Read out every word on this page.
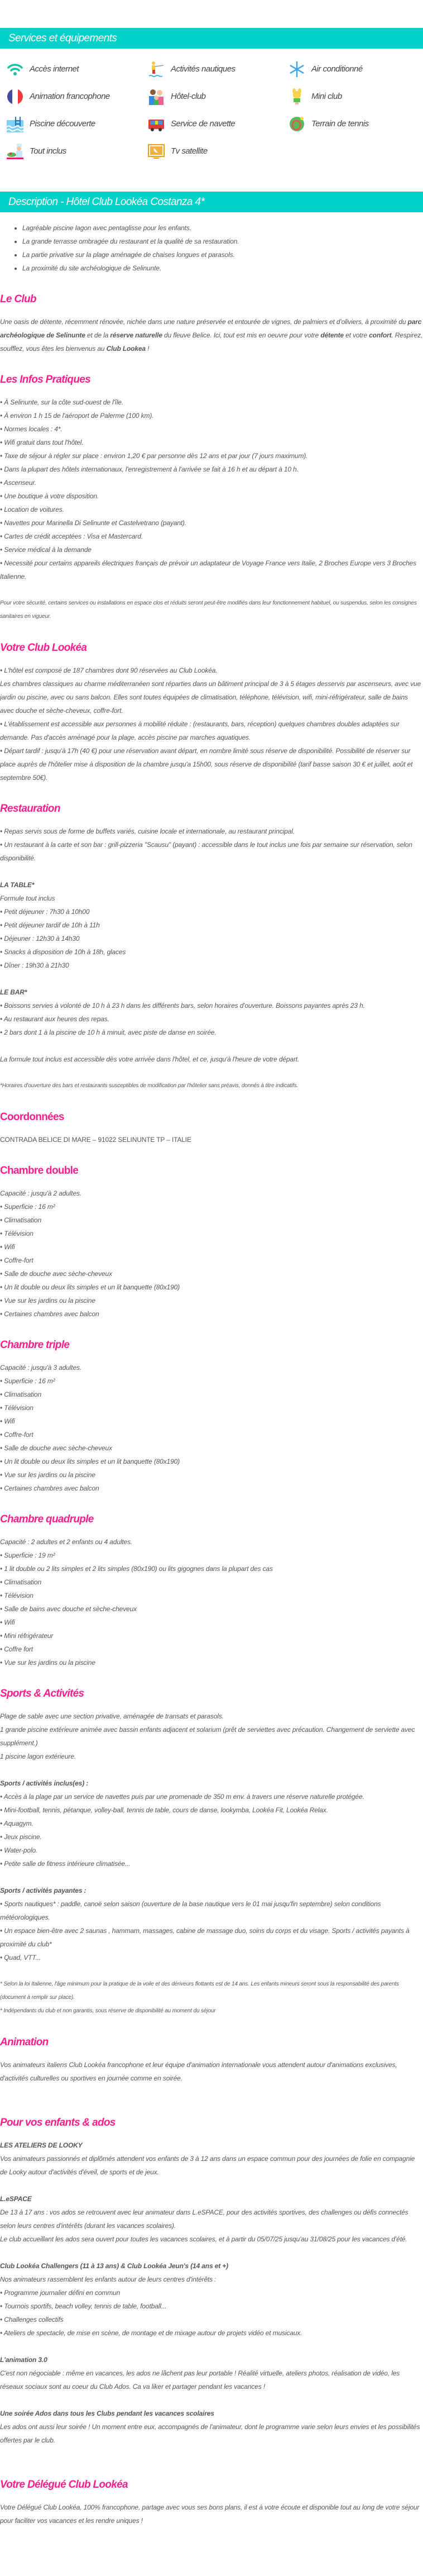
Services et équipements
Accès internet	Activités nautiques	Air conditionné
Animation francophone	Hôtel-club	Mini club
Piscine découverte	Service de navette	Terrain de tennis
Tout inclus	Tv satellite
Description - Hôtel Club Lookéa Costanza 4*
• Lagréable piscine lagon avec pentaglisse pour les enfants.
• La grande terrasse ombragée du restaurant et la qualité de sa restauration.
• La partie privative sur la plage aménagée de chaises longues et parasols.
• La proximité du site archéologique de Selinunte.
Le Club

Une oasis de détente, récemment rénovée, nichée dans une nature préservée et entourée de vignes, de palmiers et d'oliviers, à proximité du parc archéologique de Selinunte et de la réserve naturelle du fleuve Belice. Ici, tout est mis en oeuvre pour votre détente et votre confort. Respirez, soufflez, vous êtes les bienvenus au Club Lookea !

Les Infos Pratiques
• À Selinunte, sur la côte sud-ouest de l'île.
• À environ 1 h 15 de l'aéroport de Palerme (100 km).
• Normes locales : 4*.
• Wifi gratuit dans tout l'hôtel.
• Taxe de séjour à régler sur place : environ 1,20 € par personne dès 12 ans et par jour (7 jours maximum).
• Dans la plupart des hôtels internationaux, l'enregistrement à l'arrivée se fait à 16 h et au départ à 10 h.
• Ascenseur.
• Une boutique à votre disposition.
• Location de voitures.
• Navettes pour Marinella Di Selinunte et Castelvetrano (payant).
• Cartes de crédit acceptées : Visa et Mastercard.
• Service médical à la demande
• Necessité pour certains appareils électriques français de prévoir un adaptateur de Voyage France vers Italie, 2 Broches Europe vers 3 Broches Italienne.
Pour votre sécurité, certains services ou installations en espace clos et réduits seront peut-être modifiés dans leur fonctionnement habituel, ou suspendus, selon les consignes sanitaires en vigueur.
Votre Club Lookéa
• L'hôtel est composé de 187 chambres dont 90 réservées au Club Lookéa.
Les chambres classiques au charme méditerranéen sont réparties dans un bâtiment principal de 3 à 5 étages desservis par ascenseurs, avec vue jardin ou piscine, avec ou sans balcon. Elles sont toutes équipées de climatisation, téléphone, télévision, wifi, mini-réfrigérateur, salle de bains avec douche et sèche-cheveux, coffre-fort.
• L'établissement est accessible aux personnes à mobilité réduite : (restaurants, bars, réception) quelques chambres doubles adaptées sur demande. Pas d'accès aménagé pour la plage, accès piscine par marches aquatiques.
• Départ tardif : jusqu'à 17h (40 €) pour une réservation avant départ, en nombre limité sous réserve de disponibilité. Possibilité de réserver sur place auprès de l'hôtelier mise à disposition de la chambre jusqu'a 15h00, sous réserve de disponibilité (tarif basse saison 30 € et juillet, août et septembre 50€).
Restauration
• Repas servis sous de forme de buffets variés, cuisine locale et internationale, au restaurant principal.
• Un restaurant à la carte et son bar : grill-pizzeria "Scausu" (payant) : accessible dans le tout inclus une fois par semaine sur réservation, selon disponibilité.
LA TABLE*
Formule tout inclus
• Petit déjeuner : 7h30 à 10h00
• Petit déjeuner tardif de 10h à 11h
• Déjeuner : 12h30 à 14h30
• Snacks à disposition de 10h à 18h, glaces
• Dîner : 19h30 à 21h30
LE BAR*
• Boissons servies à volonté de 10 h à 23 h dans les différents bars, selon horaires d'ouverture. Boissons payantes après 23 h.
• Au restaurant aux heures des repas.
• 2 bars dont 1 à la piscine de 10 h à minuit, avec piste de danse en soirée.
La formule tout inclus est accessible dès votre arrivée dans l'hôtel, et ce, jusqu'à l'heure de votre départ.
*Horaires d'ouverture des bars et restaurants susceptibles de modification par l'hôtelier sans préavis, donnés à titre indicatifs.
Coordonnées
CONTRADA BELICE DI MARE – 91022 SELINUNTE TP – ITALIE
Chambre double
Capacité : jusqu'à 2 adultes.
• Superficie : 16 m²
• Climatisation
• Télévision
• Wifi
• Coffre-fort
• Salle de douche avec sèche-cheveux
• Un lit double ou deux lits simples et un lit banquette (80x190)
• Vue sur les jardins ou la piscine
• Certaines chambres avec balcon
Chambre triple
Capacité : jusqu'à 3 adultes.
• Superficie : 16 m²
• Climatisation
• Télévision
• Wifi
• Coffre-fort
• Salle de douche avec sèche-cheveux
• Un lit double ou deux lits simples et un lit banquette (80x190)
• Vue sur les jardins ou la piscine
• Certaines chambres avec balcon
Chambre quadruple
Capacité : 2 adultes et 2 enfants ou 4 adultes.
• Superficie : 19 m²
• 1 lit double ou 2 lits simples et 2 lits simples (80x190) ou lits gigognes dans la plupart des cas
• Climatisation
• Télévision
• Salle de bains avec douche et sèche-cheveux
• Wifi
• Mini réfrigérateur
• Coffre fort
• Vue sur les jardins ou la piscine
Sports & Activités
Plage de sable avec une section privative, aménagée de transats et parasols.
1 grande piscine extérieure animée avec bassin enfants adjacent et solarium (prêt de serviettes avec précaution. Changement de serviette avec supplément.)
1 piscine lagon extérieure.
Sports / activités inclus(es) :
• Accès à la plage par un service de navettes puis par une promenade de 350 m env. à travers une réserve naturelle protégée.
• Mini-football, tennis, pétanque, volley-ball, tennis de table, cours de danse, lookymba, Lookéa Fit, Lookéa Relax.
• Aquagym.
• Jeux piscine.
• Water-polo.
• Petite salle de fitness intérieure climatisée...
Sports / activités payantes :
• Sports nautiques* : paddle, canoë selon saison (ouverture de la base nautique vers le 01 mai jusqu'fin septembre) selon conditions météorologiques.
• Un espace bien-être avec 2 saunas , hammam, massages, cabine de massage duo, soins du corps et du visage. Sports / activités payants à proximité du club*
• Quad, VTT...
* Selon la loi Italienne, l'âge minimum pour la pratique de la voile et des dériveurs flottants est de 14 ans. Les enfants mineurs seront sous la responsabilité des parents (document à remplir sur place).
* Indépendants du club et non garantis, sous réserve de disponibilité au moment du séjour
Animation
Vos animateurs italiens Club Lookéa francophone et leur équipe d'animation internationale vous attendent autour d'animations exclusives, d'activités culturelles ou sportives en journée comme en soirée.
Pour vos enfants & ados
LES ATELIERS DE LOOKY
Vos animateurs passionnés et diplômés attendent vos enfants de 3 à 12 ans dans un espace commun pour des journées de folie en compagnie de Looky autour d'activités d'éveil, de sports et de jeux.
L.eSPACE
De 13 à 17 ans : vos ados se retrouvent avec leur animateur dans L.eSPACE, pour des activités sportives, des challenges ou défis connectés selon leurs centres d'intérêts (durant les vacances scolaires).
Le club accueillant les ados sera ouvert pour toutes les vacances scolaires, et à partir du 05/07/25 jusqu'au 31/08/25 pour les vacances d'été.
Club Lookéa Challengers (11 à 13 ans) & Club Lookéa Jeun's (14 ans et +)
Nos animateurs rassemblent les enfants autour de leurs centres d'intérêts :
• Programme journalier défini en commun
• Tournois sportifs, beach volley, tennis de table, football...
• Challenges collectifs
• Ateliers de spectacle, de mise en scène, de montage et de mixage autour de projets vidéo et musicaux.
L'animation 3.0
C'est non négociable : même en vacances, les ados ne lâchent pas leur portable ! Réalité virtuelle, ateliers photos, réalisation de vidéo, les réseaux sociaux sont au coeur du Club Ados. Ca va liker et partager pendant les vacances !
Une soirée Ados dans tous les Clubs pendant les vacances scolaires
Les ados ont aussi leur soirée ! Un moment entre eux, accompagnés de l'animateur, dont le programme varie selon leurs envies et les possibilités offertes par le club.
Votre Délégué Club Lookéa
Votre Délégué Club Lookéa, 100% francophone, partage avec vous ses bons plans, il est à votre écoute et disponible tout au long de votre séjour pour faciliter vos vacances et les rendre uniques !
